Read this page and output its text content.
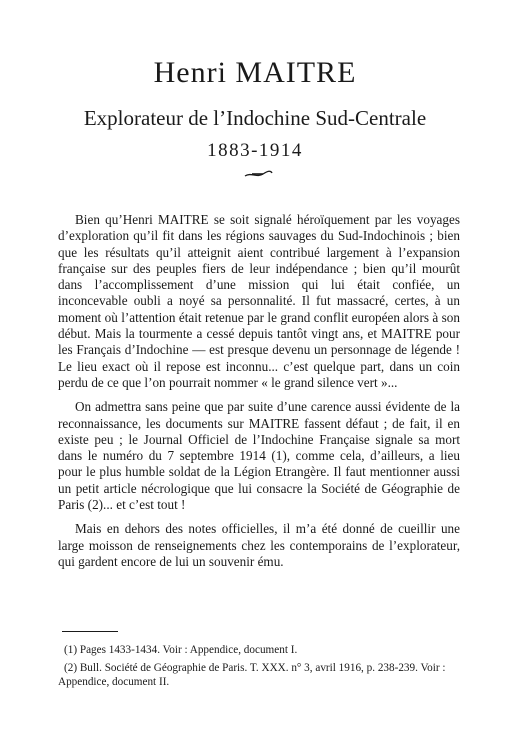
Henri MAITRE
Explorateur de l’Indochine Sud-Centrale
1883-1914

Bien qu’Henri MAITRE se soit signalé héroïquement par les voyages d’exploration qu’il fit dans les régions sauvages du Sud-Indochinois ; bien que les résultats qu’il atteignit aient contribué largement à l’expansion française sur des peuples fiers de leur indépendance ; bien qu’il mourût dans l’accomplissement d’une mission qui lui était confiée, un inconcevable oubli a noyé sa personnalité. Il fut massacré, certes, à un moment où l’attention était retenue par le grand conflit européen alors à son début. Mais la tourmente a cessé depuis tantôt vingt ans, et MAITRE pour les Français d’Indochine — est presque devenu un personnage de légende ! Le lieu exact où il repose est inconnu... c’est quelque part, dans un coin perdu de ce que l’on pourrait nommer « le grand silence vert »...

On admettra sans peine que par suite d’une carence aussi évidente de la reconnaissance, les documents sur MAITRE fassent défaut ; de fait, il en existe peu ; le Journal Officiel de l’Indochine Française signale sa mort dans le numéro du 7 septembre 1914 (1), comme cela, d’ailleurs, a lieu pour le plus humble soldat de la Légion Etrangère. Il faut mentionner aussi un petit article nécrologique que lui consacre la Société de Géographie de Paris (2)... et c’est tout !

Mais en dehors des notes officielles, il m’a été donné de cueillir une large moisson de renseignements chez les contemporains de l’explorateur, qui gardent encore de lui un souvenir ému.

(1) Pages 1433-1434. Voir : Appendice, document I.
(2) Bull. Société de Géographie de Paris. T. XXX. n° 3, avril 1916, p. 238-239. Voir : Appendice, document II.
